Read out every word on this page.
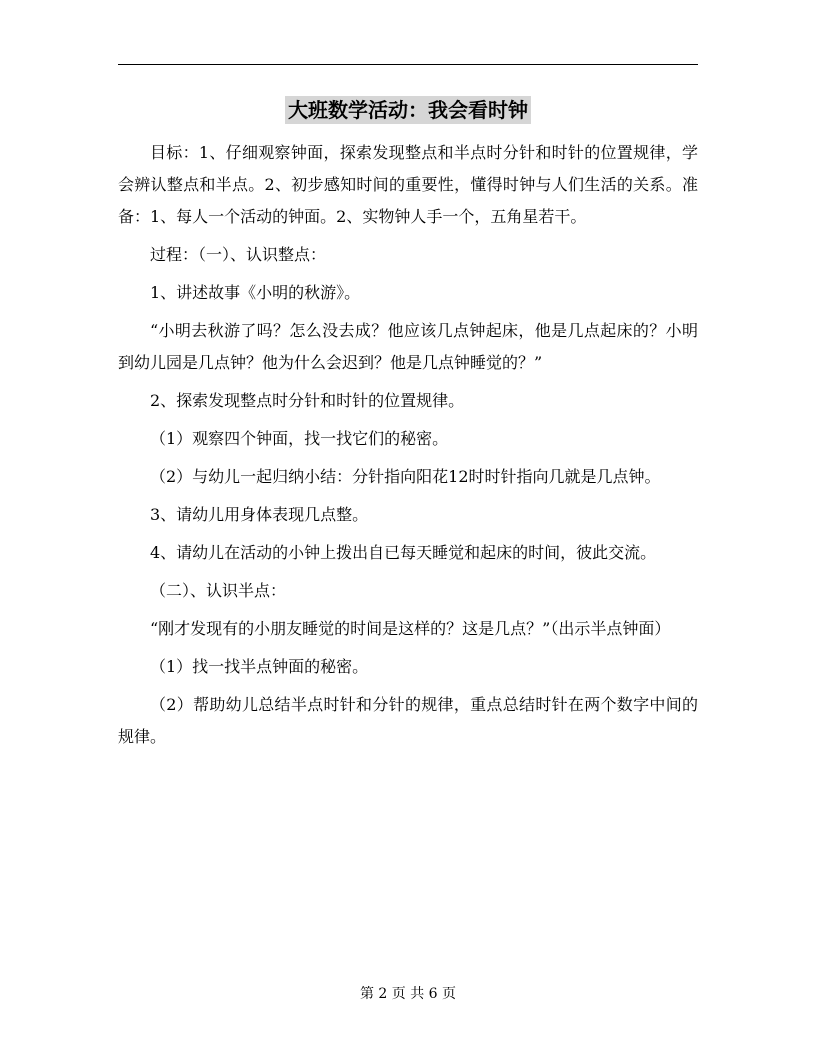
大班数学活动：我会看时钟

目标：1、仔细观察钟面，探索发现整点和半点时分针和时针的位置规律，学会辨认整点和半点。2、初步感知时间的重要性，懂得时钟与人们生活的关系。准备：1、每人一个活动的钟面。2、实物钟人手一个，五角星若干。

过程：（一）、认识整点：

1、讲述故事《小明的秋游》。

“小明去秋游了吗？怎么没去成？他应该几点钟起床，他是几点起床的？小明到幼儿园是几点钟？他为什么会迟到？他是几点钟睡觉的？”

2、探索发现整点时分针和时针的位置规律。

（1）观察四个钟面，找一找它们的秘密。

（2）与幼儿一起归纳小结：分针指向阳花12时时针指向几就是几点钟。

3、请幼儿用身体表现几点整。

4、请幼儿在活动的小钟上拨出自已每天睡觉和起床的时间，彼此交流。

（二）、认识半点：

“刚才发现有的小朋友睡觉的时间是这样的？这是几点？”（出示半点钟面）

（1）找一找半点钟面的秘密。

（2）帮助幼儿总结半点时针和分针的规律，重点总结时针在两个数字中间的规律。

第 2 页 共 6 页
